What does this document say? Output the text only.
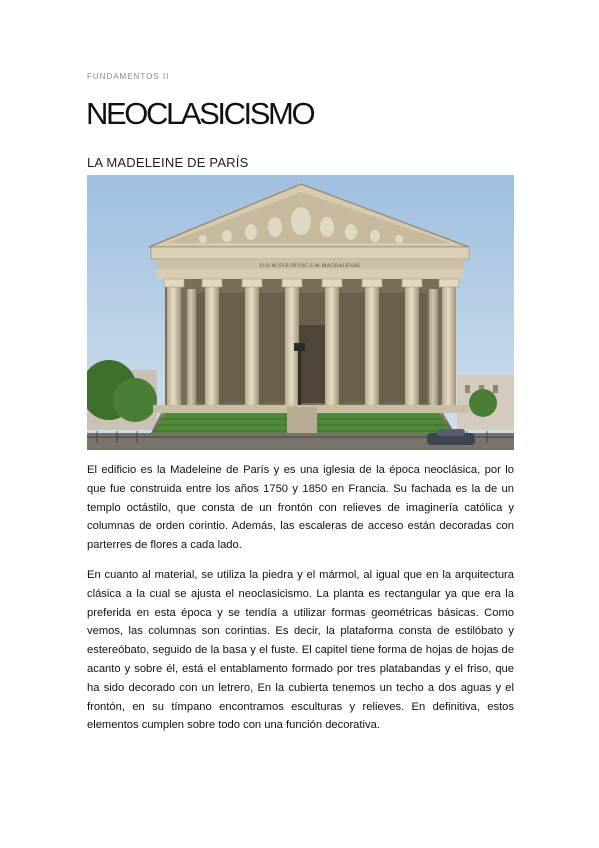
FUNDAMENTOS II
NEOCLASICISMO
LA MADELEINE DE PARÍS
D·O·M·SVB·INVOC·S·M·MAGDALENAE

El edificio es la Madeleine de París y es una iglesia de la época neoclásica, por lo que fue construida entre los años 1750 y 1850 en Francia. Su fachada es la de un templo octástilo, que consta de un frontón con relieves de imaginería católica y columnas de orden corintio. Además, las escaleras de acceso están decoradas con parterres de flores a cada lado.

En cuanto al material, se utiliza la piedra y el mármol, al igual que en la arquitectura clásica a la cual se ajusta el neoclasicismo. La planta es rectangular ya que era la preferida en esta época y se tendía a utilizar formas geométricas básicas. Como vemos, las columnas son corintias. Es decir, la plataforma consta de estilóbato y estereóbato, seguido de la basa y el fuste. El capitel tiene forma de hojas de hojas de acanto y sobre él, está el entablamento formado por tres platabandas y el friso, que ha sido decorado con un letrero, En la cubierta tenemos un techo a dos aguas y el frontón, en su tímpano encontramos esculturas y relieves. En definitiva, estos elementos cumplen sobre todo con una función decorativa.
